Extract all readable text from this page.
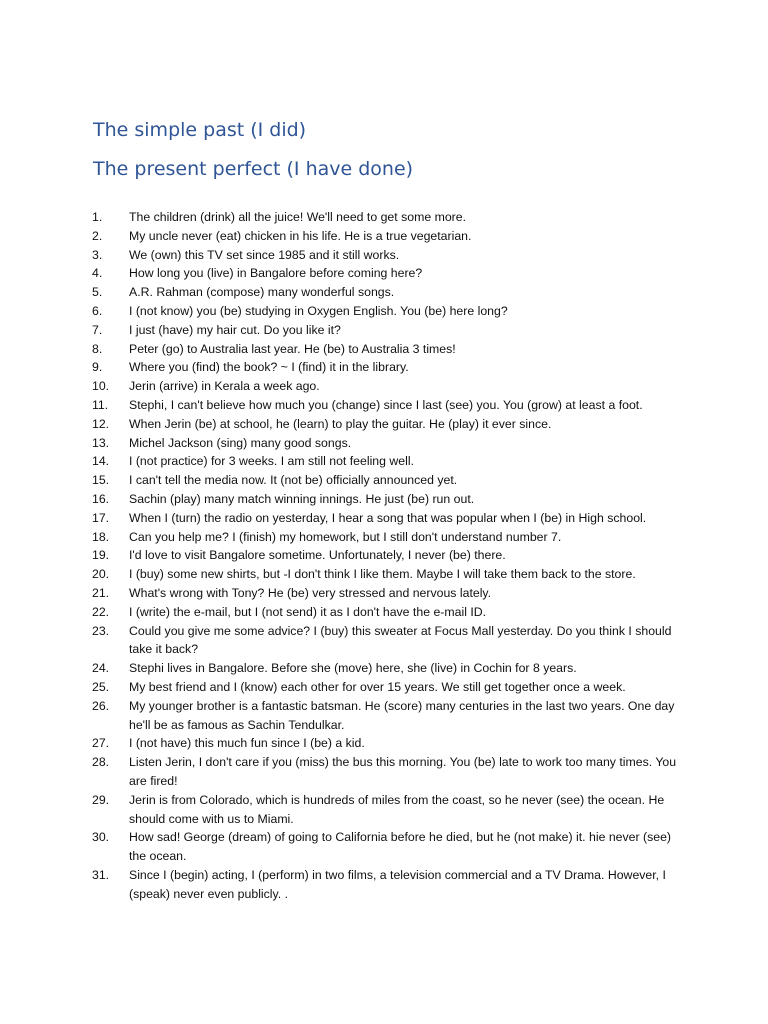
The simple past (I did)
The present perfect (I have done)
1. The children (drink) all the juice! We'll need to get some more.
2. My uncle never (eat) chicken in his life. He is a true vegetarian.
3. We (own) this TV set since 1985 and it still works.
4. How long you (live) in Bangalore before coming here?
5. A.R. Rahman (compose) many wonderful songs.
6. I (not know) you (be) studying in Oxygen English. You (be) here long?
7. I just (have) my hair cut. Do you like it?
8. Peter (go) to Australia last year. He (be) to Australia 3 times!
9. Where you (find) the book? ~ I (find) it in the library.
10. Jerin (arrive) in Kerala a week ago.
11. Stephi, I can't believe how much you (change) since I last (see) you. You (grow) at least a foot.
12. When Jerin (be) at school, he (learn) to play the guitar. He (play) it ever since.
13. Michel Jackson (sing) many good songs.
14. I (not practice) for 3 weeks. I am still not feeling well.
15. I can't tell the media now. It (not be) officially announced yet.
16. Sachin (play) many match winning innings. He just (be) run out.
17. When I (turn) the radio on yesterday, I hear a song that was popular when I (be) in High school.
18. Can you help me? I (finish) my homework, but I still don't understand number 7.
19. I'd love to visit Bangalore sometime. Unfortunately, I never (be) there.
20. I (buy) some new shirts, but -I don't think I like them. Maybe I will take them back to the store.
21. What's wrong with Tony? He (be) very stressed and nervous lately.
22. I (write) the e-mail, but I (not send) it as I don't have the e-mail ID.
23. Could you give me some advice? I (buy) this sweater at Focus Mall yesterday. Do you think I should take it back?
24. Stephi lives in Bangalore. Before she (move) here, she (live) in Cochin for 8 years.
25. My best friend and I (know) each other for over 15 years. We still get together once a week.
26. My younger brother is a fantastic batsman. He (score) many centuries in the last two years. One day he'll be as famous as Sachin Tendulkar.
27. I (not have) this much fun since I (be) a kid.
28. Listen Jerin, I don't care if you (miss) the bus this morning. You (be) late to work too many times. You are fired!
29. Jerin is from Colorado, which is hundreds of miles from the coast, so he never (see) the ocean. He should come with us to Miami.
30. How sad! George (dream) of going to California before he died, but he (not make) it. hie never (see) the ocean.
31. Since I (begin) acting, I (perform) in two films, a television commercial and a TV Drama. However, I (speak) never even publicly. .
